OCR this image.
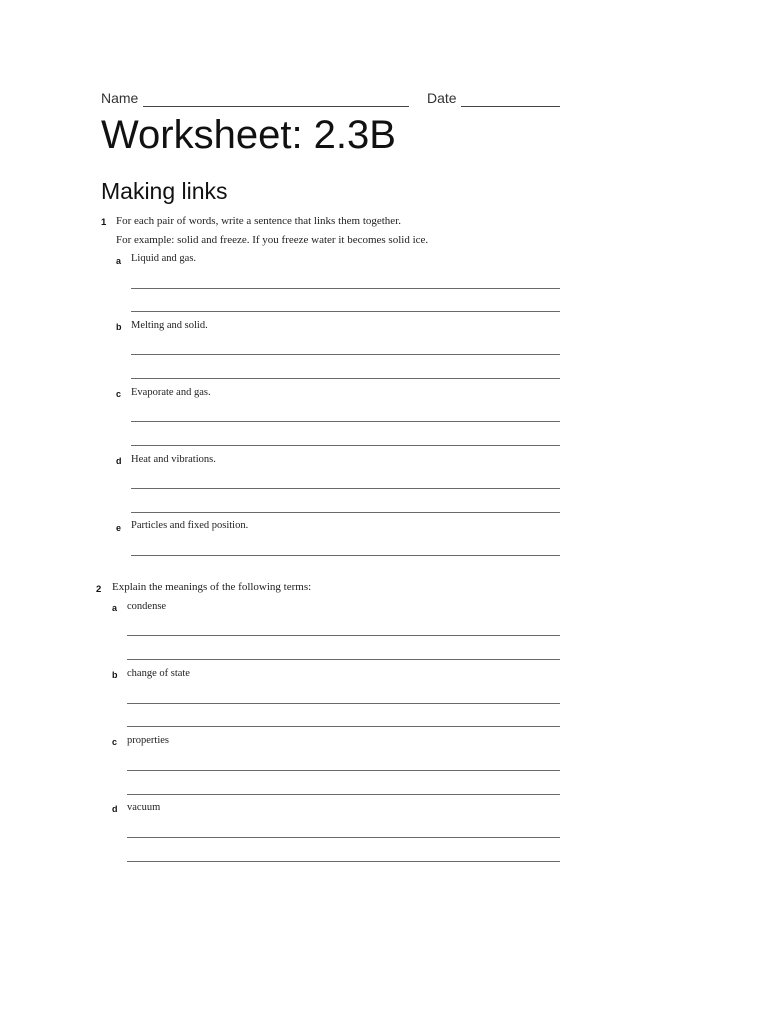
Name	Date
Worksheet: 2.3B
Making links
1 For each pair of words, write a sentence that links them together.
For example: solid and freeze. If you freeze water it becomes solid ice.
a Liquid and gas.
b Melting and solid.
c Evaporate and gas.
d Heat and vibrations.
e Particles and fixed position.
2 Explain the meanings of the following terms:
a condense
b change of state
c properties
d vacuum
